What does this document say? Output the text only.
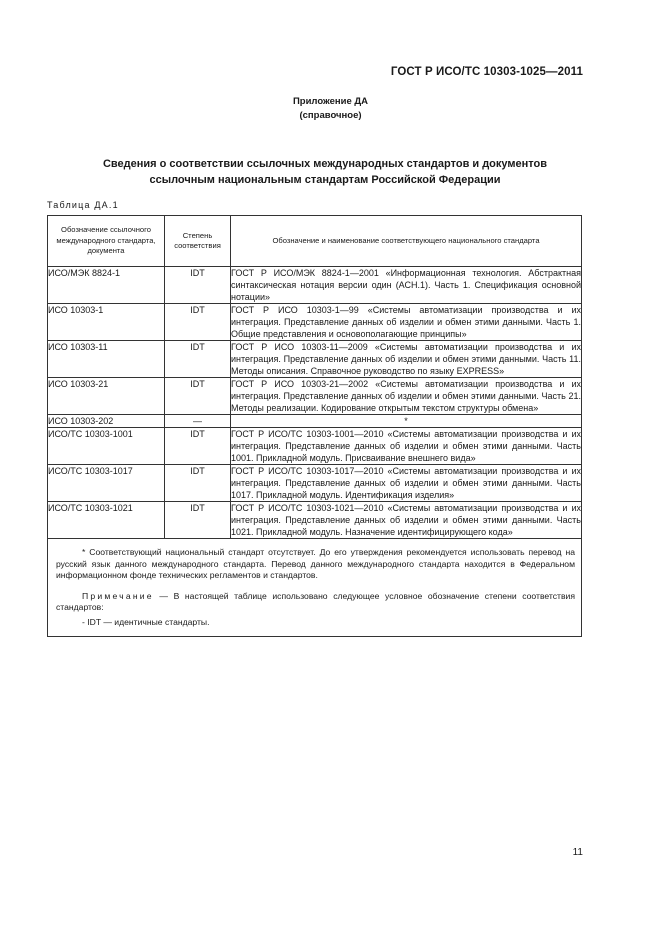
ГОСТ Р ИСО/ТС 10303-1025—2011
Приложение ДА
(справочное)
Сведения о соответствии ссылочных международных стандартов и документов
ссылочным национальным стандартам Российской Федерации
Таблица ДА.1
Обозначение ссылочного международного стандарта, документа	Степень соответствия	Обозначение и наименование соответствующего национального стандарта
ИСО/МЭК 8824-1	IDT	ГОСТ Р ИСО/МЭК 8824-1—2001 «Информационная технология. Абстрактная синтаксическая нотация версии один (АСН.1). Часть 1. Спецификация основной нотации»
ИСО 10303-1	IDT	ГОСТ Р ИСО 10303-1—99 «Системы автоматизации производства и их интеграция. Представление данных об изделии и обмен этими данными. Часть 1. Общие представления и основополагающие принципы»
ИСО 10303-11	IDT	ГОСТ Р ИСО 10303-11—2009 «Системы автоматизации производства и их интеграция. Представление данных об изделии и обмен этими данными. Часть 11. Методы описания. Справочное руководство по языку EXPRESS»
ИСО 10303-21	IDT	ГОСТ Р ИСО 10303-21—2002 «Системы автоматизации производства и их интеграция. Представление данных об изделии и обмен этими данными. Часть 21. Методы реализации. Кодирование открытым текстом структуры обмена»
ИСО 10303-202	—	*
ИСО/ТС 10303-1001	IDT	ГОСТ Р ИСО/ТС 10303-1001—2010 «Системы автоматизации производства и их интеграция. Представление данных об изделии и обмен этими данными. Часть 1001. Прикладной модуль. Присваивание внешнего вида»
ИСО/ТС 10303-1017	IDT	ГОСТ Р ИСО/ТС 10303-1017—2010 «Системы автоматизации производства и их интеграция. Представление данных об изделии и обмен этими данными. Часть 1017. Прикладной модуль. Идентификация изделия»
ИСО/ТС 10303-1021	IDT	ГОСТ Р ИСО/ТС 10303-1021—2010 «Системы автоматизации производства и их интеграция. Представление данных об изделии и обмен этими данными. Часть 1021. Прикладной модуль. Назначение идентифицирующего кода»

* Соответствующий национальный стандарт отсутствует. До его утверждения рекомендуется использовать перевод на русский язык данного международного стандарта. Перевод данного международного стандарта находится в Федеральном информационном фонде технических регламентов и стандартов.

Примечание — В настоящей таблице использовано следующее условное обозначение степени соответствия стандартов:

- IDT — идентичные стандарты.		

11
